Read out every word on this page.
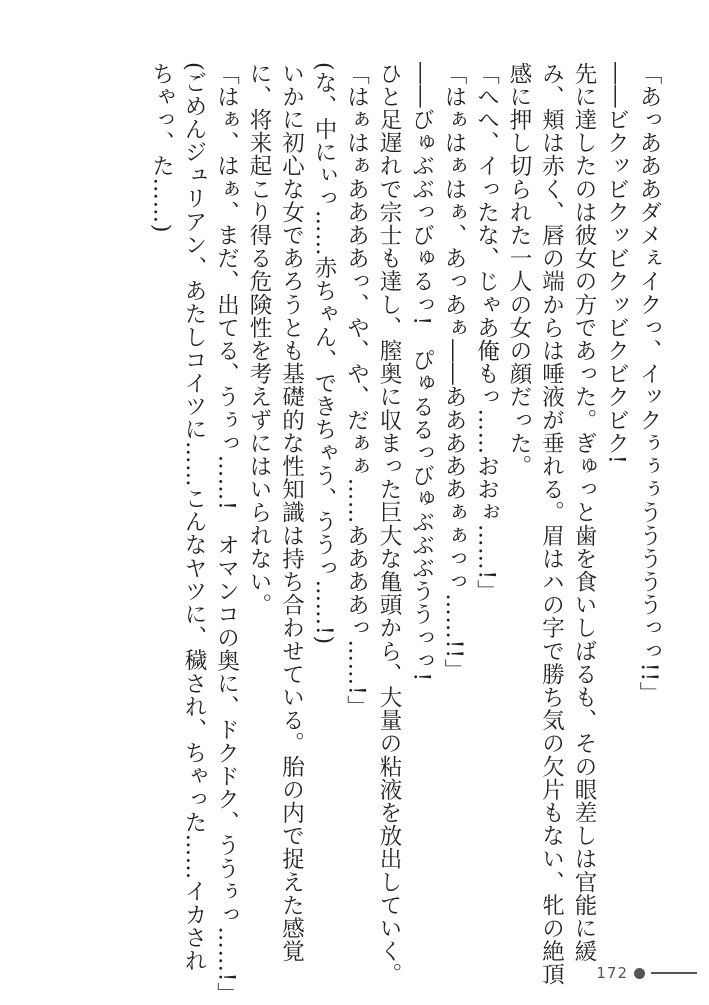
「あっあああダメぇイクっ、イックぅぅぅうううううっっ!!」
――ビクッビクッビクッビクビクビク!
先に達したのは彼女の方であった。ぎゅっと歯を食いしばるも、その眼差しは官能に緩
み、頬は赤く、唇の端からは唾液が垂れる。眉はハの字で勝ち気の欠片もない、牝の絶頂
感に押し切られた一人の女の顔だった。
「へへ、イったな、じゃあ俺もっ……おおぉ……!」
「はぁはぁはぁ、あっあぁ――あああああぁぁっっ……!!」
――びゅぶぶっびゅるっ!　ぴゅるるっびゅぶぶぶううっっ!
ひと足遅れで宗士も達し、膣奥に収まった巨大な亀頭から、大量の粘液を放出していく。
「はぁはぁああああっ、や、や、だぁぁ……ああああっ……!」
(な、中にぃっ……赤ちゃん、できちゃう、ううっ……!)
いかに初心な女であろうとも基礎的な性知識は持ち合わせている。胎の内で捉えた感覚
に、将来起こり得る危険性を考えずにはいられない。
「はぁ、はぁ、まだ、出てる、うぅっ……!　オマンコの奥に、ドクドク、ううぅっ……!」
(ごめんジュリアン、あたしコイツに……こんなヤツに、穢され、ちゃった……イカされ
ちゃっ、た……)
172
